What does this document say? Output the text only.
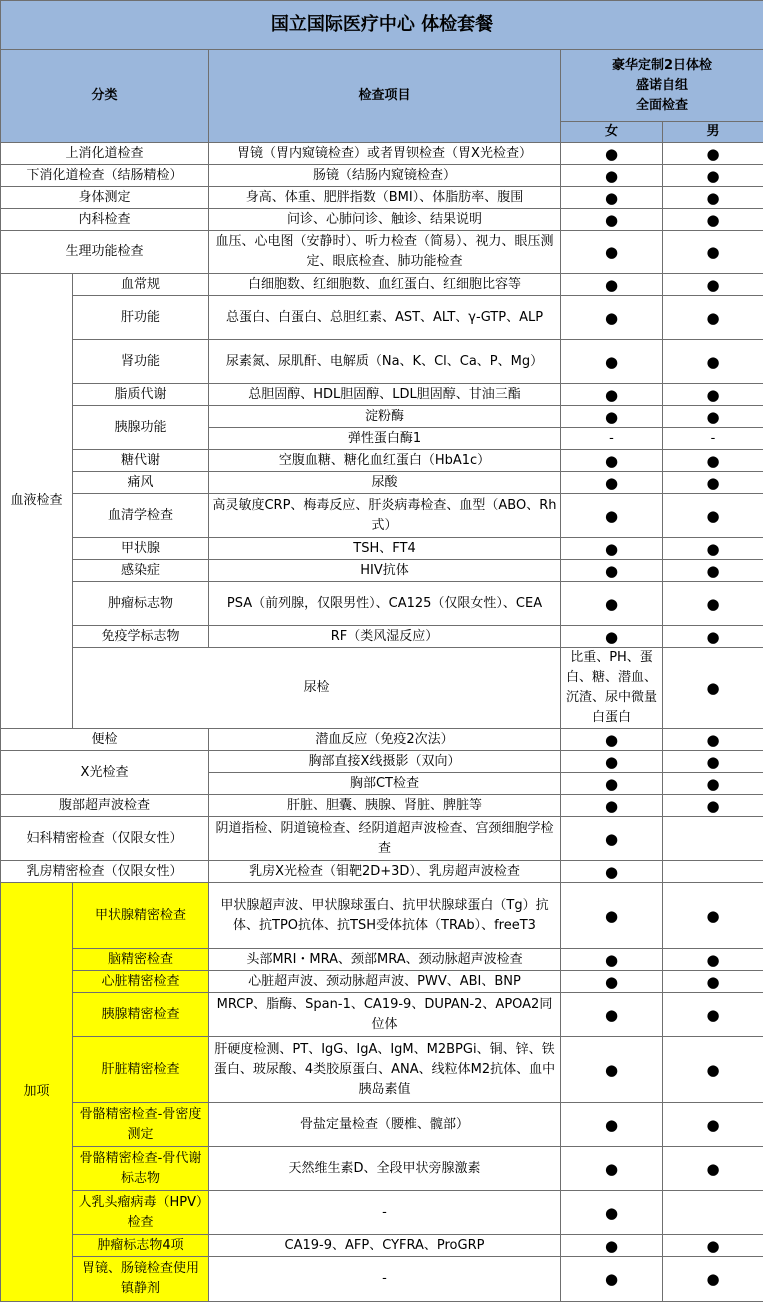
国立国际医疗中心 体检套餐					
分类		检查项目	豪华定制2日体检
盛诺自组
全面检查		
			女	男	
上消化道检查		胃镜（胃内窥镜检查）或者胃钡检查（胃X光检查）	●	●	
下消化道检查（结肠精检）		肠镜（结肠内窥镜检查）	●	●	
身体测定		身高、体重、肥胖指数（BMI）、体脂肪率、腹围	●	●	
内科检查		问诊、心肺问诊、触诊、结果说明	●	●	
生理功能检查		血压、心电图（安静时）、听力检查（简易）、视力、眼压测定、眼底检查、肺功能检查	●	●	
血液检查	血常规	白细胞数、红细胞数、血红蛋白、红细胞比容等	●	●	
	肝功能	总蛋白、白蛋白、总胆红素、AST、ALT、γ-GTP、ALP	●	●	
	肾功能	尿素氮、尿肌酐、电解质（Na、K、Cl、Ca、P、Mg）	●	●	
	脂质代谢	总胆固醇、HDL胆固醇、LDL胆固醇、甘油三酯	●	●	
	胰腺功能	淀粉酶	●	●	
		弹性蛋白酶1	-	-	
	糖代谢	空腹血糖、糖化血红蛋白（HbA1c）	●	●	
	痛风	尿酸	●	●	
	血清学检查	高灵敏度CRP、梅毒反应、肝炎病毒检查、血型（ABO、Rh式）	●	●	
	甲状腺	TSH、FT4	●	●	
	感染症	HIV抗体	●	●	
	肿瘤标志物	PSA（前列腺，仅限男性）、CA125（仅限女性）、CEA	●	●	
	免疫学标志物	RF（类风湿反应）	●	●	
	尿检		比重、PH、蛋白、糖、潜血、沉渣、尿中微量白蛋白	●	
便检		潜血反应（免疫2次法）	●	●	
X光检查		胸部直接X线摄影（双向）	●	●	
		胸部CT检查	●	●	
腹部超声波检查		肝脏、胆囊、胰腺、肾脏、脾脏等	●	●	
妇科精密检查（仅限女性）		阴道指检、阴道镜检查、经阴道超声波检查、宫颈细胞学检查	●		
乳房精密检查（仅限女性）		乳房X光检查（钼靶2D+3D）、乳房超声波检查	●		
加项	甲状腺精密检查	甲状腺超声波、甲状腺球蛋白、抗甲状腺球蛋白（Tg）抗体、抗TPO抗体、抗TSH受体抗体（TRAb）、freeT3	●	●	
	脑精密检查	头部MRI・MRA、颈部MRA、颈动脉超声波检查	●	●	
	心脏精密检查	心脏超声波、颈动脉超声波、PWV、ABI、BNP	●	●	
	胰腺精密检查	MRCP、脂酶、Span-1、CA19-9、DUPAN-2、APOA2同位体	●	●	
	肝脏精密检查	肝硬度检测、PT、IgG、IgA、IgM、M2BPGi、铜、锌、铁蛋白、玻尿酸、4类胶原蛋白、ANA、线粒体M2抗体、血中胰岛素值	●	●	
	骨骼精密检查-骨密度测定	骨盐定量检查（腰椎、髋部）	●	●	
	骨骼精密检查-骨代谢标志物	天然维生素D、全段甲状旁腺激素	●	●	
	人乳头瘤病毒（HPV）检查	-	●		
	肿瘤标志物4项	CA19-9、AFP、CYFRA、ProGRP	●	●	
	胃镜、肠镜检查使用镇静剂	-	●	●	
